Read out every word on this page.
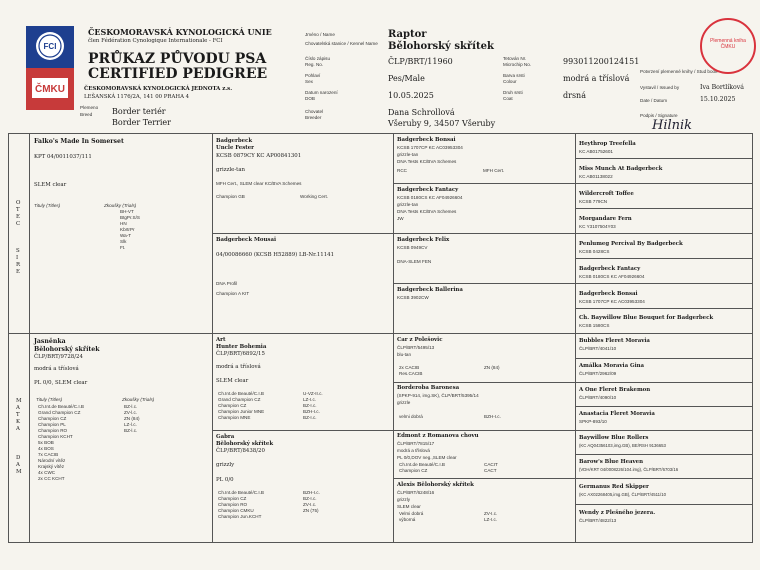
FCI
ČMKU
ČESKOMORAVSKÁ KYNOLOGICKÁ UNIE
člen Fédération Cynologique Internationale - FCI
PRŮKAZ PŮVODU PSA
CERTIFIED PEDIGREE
ČESKOMORAVSKÁ KYNOLOGICKÁ JEDNOTA z.s.
LEŠANSKÁ 1176/2A, 141 00 PRAHA 4
Plemeno
Breed Border teriér
Border Terrier
Jméno / Name
Chovatelská stanice / Kennel Name
Raptor
Bělohorský skřítek
Číslo zápisu
Reg. No.	ČLP/BRT/11960	Tetován Nr.
Microchip No.	993011200124151
Pohlaví
Sex	Pes/Male	Barva srsti
Colour	modrá a tříslová
Datum narození
DOB	10.05.2025	Druh srsti
Coat	drsná
Chovatel
Breeder
Dana Schrollová
Všeruby 9, 34507 Všeruby
Potvrzení plemenné knihy / Stud book
Vystavil / Issued by	Iva Bortlíková
Date / Datum	15.10.2025
Podpis / Signature
Hilnik
Plemenná kniha ČMKU
O T E C
S I R E
M A T K A
D A M
Falko's Made In Somerset
KPT 04/0011037/111
SLEM clear
Tituly (Titles)	Zkoušky (Trials)
BH-VT
BtgPr.S/S
HN
KbrtrPr
Wa-T
Slk
Ft.
Badgerbeck
Uncle Fester
KCSB 0879CY KC AP00841301
grizzle-tan
MFH Cert., SLEM clear KC/BVA Schemes
Champion GB	Working Cert.
Badgerbeck Mousai
04/00086660 (KCSB H52889) LB-Nr.11141
DNA Profil
Champion A KIT
Badgerbeck Bonsai
KCSB 1707CP KC AC03953304
grizzle-tan
DNA Tests KC/BVA Schemes
RCC	MFH Cert.
Badgerbeck Fantacy
KCSB 0180CS KC AF04926604
grizzle-tan
DNA Tests KC/BVA Schemes
JW
Badgerbeck Felix
KCSB 0949CV
DNA-SLEM FEN
Badgerbeck Ballerina
KCSB 3902CW
Heythrop Treefella
KC AB01752601
Miss Munch At Badgerbeck
KC AB01138022
Wildercroft Toffee
KCSB 779CN
Morgandare Fern
KC Y3107504Y03
Penlumeg Percival By Badgerbeck
KCSB 0428CS
Badgerbeck Fantacy
KCSB 0180CS KC AF04926604
Badgerbeck Bonsai
KCSB 1707CP KC AC03953304
Ch. Baywillow Blue Bouquet for Badgerbeck
KCSB 1580CS
Jasněnka
Bělohorský skřítek
ČLP/BRT/9728/24
modrá a tříslová
PL 0/0, SLEM clear
Tituly (Titles)	Zkoušky (Trials)
Ch.Int.de Beauté/C.I.B
Grand Champion CZ
Champion CZ
Champion PL
Champion RO
Champion KCHT
5x BOB
4x BOS
7x CACIB
Národní vítěz
Krajský vítěz
4x CWC
2x CC KCHT
BZ-l.c.
ZV-l.c.
ZN (84)
LZ-l.c.
BZ-l.c.
Art
Hunter Bohemia
ČLP/BRT/6892/15
modrá a tříslová
SLEM clear
Ch.Int.de Beauté/C.I.B
Grand Champion CZ
Champion CZ
Champion Junior MNE
Champion MNE
U-VZ-II.c.
LZ-I.c.
BZ-I.c.
BZH-I.c.
BZ-I.c.
Gabra
Bělohorský skřítek
ČLP/BRT/8438/20
grizzly
PL 0/0
Ch.Int.de Beauté/C.I.B
Champion CZ
Champion RO
Champion CMKU
Champion Jun.KCHT
BZH-I.c.
BZ-I.c.
ZV-I.c.
ZN (75)
Car z Polešovic
ČLP/BRT/5495/13
blu-tan
2x CACIB
Res.CACIB
ZN (84)
Borderoba Baronesa
(SPKP-914, img.SK), ČLP/BRT/5395/14
grizzle
velmi dobrá	BZH-I.c.
Edmont z Romanova chovu
ČLP/BRT/7815/17
modrá a tříslová
PL 0/0,DOV neg.,SLEM clear
Ch.Int.de Beauté/C.I.B
Champion CZ
CACIT
CACT
Alexis Bělohorský skřítek
ČLP/BRT/6248/16
grizzly
SLEM clear
Velmi dobrá
výborná
ZV-I.c.
LZ-I.c.
Bubbles Fleret Moravia
ČLP/BRT/4041/10
Amálka Moravia Gina
ČLP/BRT/2962/09
A One Fleret Brakemon
ČLP/BRT/4090/10
Anastacia Fleret Moravia
SPKP-893/10
Baywillow Blue Rollers
(KC AQ04356103,img.GB), BE/RSH 9136653
Barow's Blue Heaven
(VDH/KRT 04/0008226/104.img), ČLP/BRT/6703/16
Germanus Red Skipper
(KC AX02268405,img.GB), ČLP/BRT/4511/10
Wendy z Plešného jezera.
ČLP/BRT/4822/13
